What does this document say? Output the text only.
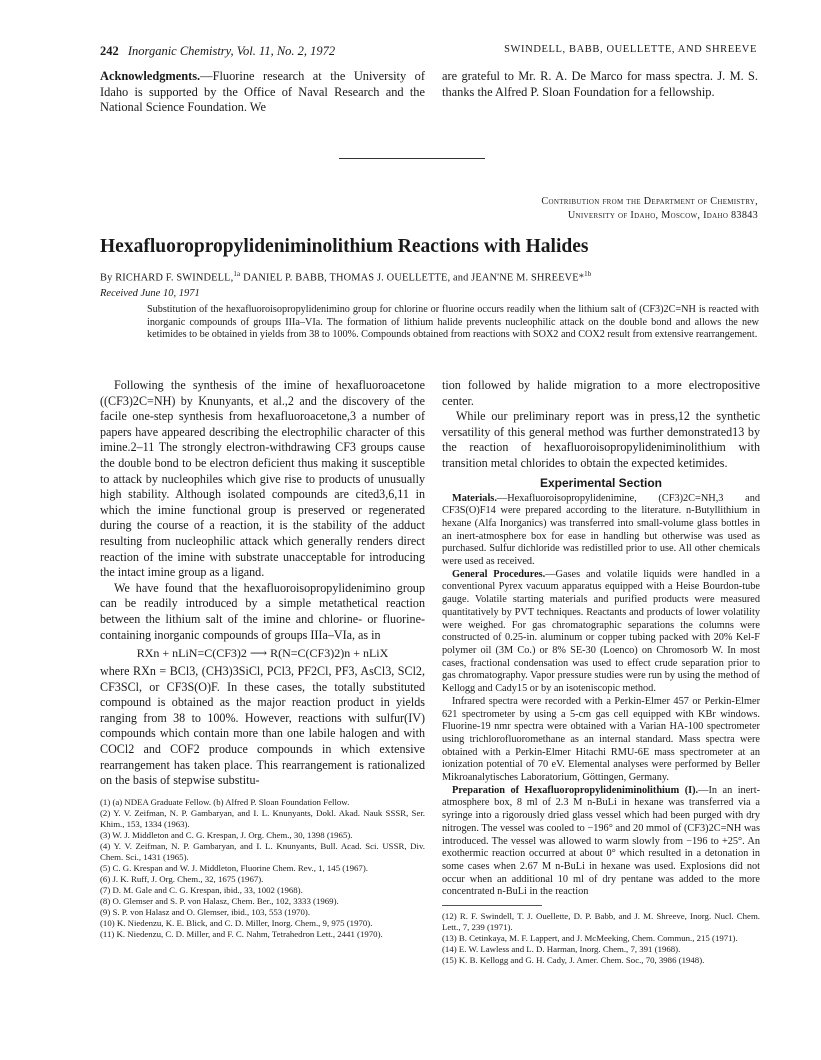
242 Inorganic Chemistry, Vol. 11, No. 2, 1972	SWINDELL, BABB, OUELLETTE, AND SHREEVE
Acknowledgments.—Fluorine research at the University of Idaho is supported by the Office of Naval Research and the National Science Foundation. We
are grateful to Mr. R. A. De Marco for mass spectra. J. M. S. thanks the Alfred P. Sloan Foundation for a fellowship.
Contribution from the Department of Chemistry,
University of Idaho, Moscow, Idaho 83843
Hexafluoropropylideniminolithium Reactions with Halides
By RICHARD F. SWINDELL,$^{1a}$ DANIEL P. BABB, THOMAS J. OUELLETTE, and JEAN'NE M. SHREEVE*$^{1b}$
Received June 10, 1971
Substitution of the hexafluoroisopropylidenimino group for chlorine or fluorine occurs readily when the lithium salt of (CF3)2C=NH is reacted with inorganic compounds of groups IIIa–VIa. The formation of lithium halide prevents nucleophilic attack on the double bond and allows the new ketimides to be obtained in yields from 38 to 100%. Compounds obtained from reactions with SOX2 and COX2 result from extensive rearrangement.

Following the synthesis of the imine of hexafluoroacetone ((CF3)2C=NH) by Knunyants, et al.,2 and the discovery of the facile one-step synthesis from hexafluoroacetone,3 a number of papers have appeared describing the electrophilic character of this imine.2–11 The strongly electron-withdrawing CF3 groups cause the double bond to be electron deficient thus making it susceptible to attack by nucleophiles which give rise to products of unusually high stability. Although isolated compounds are cited3,6,11 in which the imine functional group is preserved or regenerated during the course of a reaction, it is the stability of the adduct resulting from nucleophilic attack which generally renders direct reaction of the imine with substrate unacceptable for introducing the intact imine group as a ligand.

We have found that the hexafluoroisopropylidenimino group can be readily introduced by a simple metathetical reaction between the lithium salt of the imine and chlorine- or fluorine-containing inorganic compounds of groups IIIa–VIa, as in

RXn + nLiN=C(CF3)2 ⟶ R(N=C(CF3)2)n + nLiX

where RXn = BCl3, (CH3)3SiCl, PCl3, PF2Cl, PF3, AsCl3, SCl2, CF3SCl, or CF3S(O)F. In these cases, the totally substituted compound is obtained as the major reaction product in yields ranging from 38 to 100%. However, reactions with sulfur(IV) compounds which contain more than one labile halogen and with COCl2 and COF2 produce compounds in which extensive rearrangement has taken place. This rearrangement is rationalized on the basis of stepwise substitu-

(1) (a) NDEA Graduate Fellow. (b) Alfred P. Sloan Foundation Fellow.

(2) Y. V. Zeifman, N. P. Gambaryan, and I. L. Knunyants, Dokl. Akad. Nauk SSSR, Ser. Khim., 153, 1334 (1963).

(3) W. J. Middleton and C. G. Krespan, J. Org. Chem., 30, 1398 (1965).

(4) Y. V. Zeifman, N. P. Gambaryan, and I. L. Knunyants, Bull. Acad. Sci. USSR, Div. Chem. Sci., 1431 (1965).

(5) C. G. Krespan and W. J. Middleton, Fluorine Chem. Rev., 1, 145 (1967).

(6) J. K. Ruff, J. Org. Chem., 32, 1675 (1967).

(7) D. M. Gale and C. G. Krespan, ibid., 33, 1002 (1968).

(8) O. Glemser and S. P. von Halasz, Chem. Ber., 102, 3333 (1969).

(9) S. P. von Halasz and O. Glemser, ibid., 103, 553 (1970).

(10) K. Niedenzu, K. E. Blick, and C. D. Miller, Inorg. Chem., 9, 975 (1970).

(11) K. Niedenzu, C. D. Miller, and F. C. Nahm, Tetrahedron Lett., 2441 (1970).

tion followed by halide migration to a more electropositive center.

While our preliminary report was in press,12 the synthetic versatility of this general method was further demonstrated13 by the reaction of hexafluoroisopropylideniminolithium with transition metal chlorides to obtain the expected ketimides.

Experimental Section

Materials.—Hexafluoroisopropylidenimine, (CF3)2C=NH,3 and CF3S(O)F14 were prepared according to the literature. n-Butyllithium in hexane (Alfa Inorganics) was transferred into small-volume glass bottles in an inert-atmosphere box for ease in handling but otherwise was used as purchased. Sulfur dichloride was redistilled prior to use. All other chemicals were used as received.

General Procedures.—Gases and volatile liquids were handled in a conventional Pyrex vacuum apparatus equipped with a Heise Bourdon-tube gauge. Volatile starting materials and purified products were measured quantitatively by PVT techniques. Reactants and products of lower volatility were weighed. For gas chromatographic separations the columns were constructed of 0.25-in. aluminum or copper tubing packed with 20% Kel-F polymer oil (3M Co.) or 8% SE-30 (Loenco) on Chromosorb W. In most cases, fractional condensation was used to effect crude separation prior to gas chromatography. Vapor pressure studies were run by using the method of Kellogg and Cady15 or by an isoteniscopic method.

Infrared spectra were recorded with a Perkin-Elmer 457 or Perkin-Elmer 621 spectrometer by using a 5-cm gas cell equipped with KBr windows. Fluorine-19 nmr spectra were obtained with a Varian HA-100 spectrometer using trichlorofluoromethane as an internal standard. Mass spectra were obtained with a Perkin-Elmer Hitachi RMU-6E mass spectrometer at an ionization potential of 70 eV. Elemental analyses were performed by Beller Mikroanalytisches Laboratorium, Göttingen, Germany.

Preparation of Hexafluoropropylideniminolithium (I).—In an inert-atmosphere box, 8 ml of 2.3 M n-BuLi in hexane was transferred via a syringe into a rigorously dried glass vessel which had been purged with dry nitrogen. The vessel was cooled to −196° and 20 mmol of (CF3)2C=NH was introduced. The vessel was allowed to warm slowly from −196 to +25°. An exothermic reaction occurred at about 0° which resulted in a detonation in some cases when 2.67 M n-BuLi in hexane was used. Explosions did not occur when an additional 10 ml of dry pentane was added to the more concentrated n-BuLi in the reaction

(12) R. F. Swindell, T. J. Ouellette, D. P. Babb, and J. M. Shreeve, Inorg. Nucl. Chem. Lett., 7, 239 (1971).

(13) B. Cetinkaya, M. F. Lappert, and J. McMeeking, Chem. Commun., 215 (1971).

(14) E. W. Lawless and L. D. Harman, Inorg. Chem., 7, 391 (1968).

(15) K. B. Kellogg and G. H. Cady, J. Amer. Chem. Soc., 70, 3986 (1948).
